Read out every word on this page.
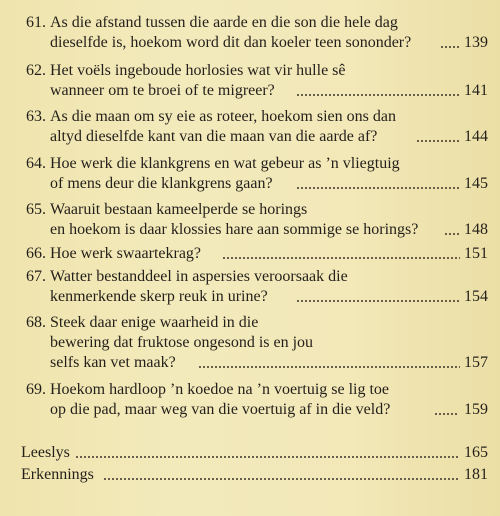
61. As die afstand tussen die aarde en die son die hele dag
dieselfde is, hoekom word dit dan koeler teen sononder?	139
62. Het voëls ingeboude horlosies wat vir hulle sê
wanneer om te broei of te migreer?	141
63. As die maan om sy eie as roteer, hoekom sien ons dan
altyd dieselfde kant van die maan van die aarde af?	144
64. Hoe werk die klankgrens en wat gebeur as ’n vliegtuig
of mens deur die klankgrens gaan?	145
65. Waaruit bestaan kameelperde se horings
en hoekom is daar klossies hare aan sommige se horings?	148
66. Hoe werk swaartekrag?	151
67. Watter bestanddeel in aspersies veroorsaak die
kenmerkende skerp reuk in urine?	154
68. Steek daar enige waarheid in die
bewering dat fruktose ongesond is en jou
selfs kan vet maak?	157
69. Hoekom hardloop ’n koedoe na ’n voertuig se lig toe
op die pad, maar weg van die voertuig af in die veld?	159
Leeslys	165
Erkennings	181
